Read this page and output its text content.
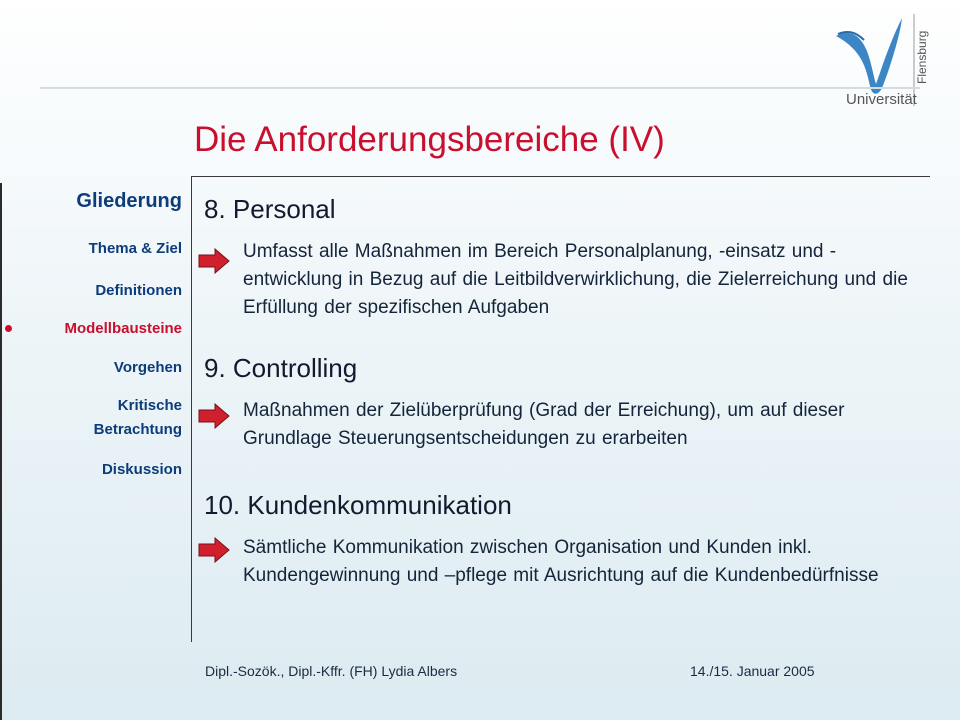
Flensburg
Universität
Die Anforderungsbereiche (IV)
Gliederung
Thema & Ziel
Definitionen
Modellbausteine
Vorgehen
Kritische
Betrachtung
Diskussion
8. Personal

Umfasst alle Maßnahmen im Bereich Personalplanung, -einsatz und -entwicklung in Bezug auf die Leitbildverwirklichung, die Zielerreichung und die Erfüllung der spezifischen Aufgaben

9. Controlling

Maßnahmen der Zielüberprüfung (Grad der Erreichung), um auf dieser Grundlage Steuerungsentscheidungen zu erarbeiten

10. Kundenkommunikation

Sämtliche Kommunikation zwischen Organisation und Kunden inkl. Kundengewinnung und –pflege mit Ausrichtung auf die Kundenbedürfnisse

Dipl.-Sozök., Dipl.-Kffr. (FH) Lydia Albers	14./15. Januar 2005
